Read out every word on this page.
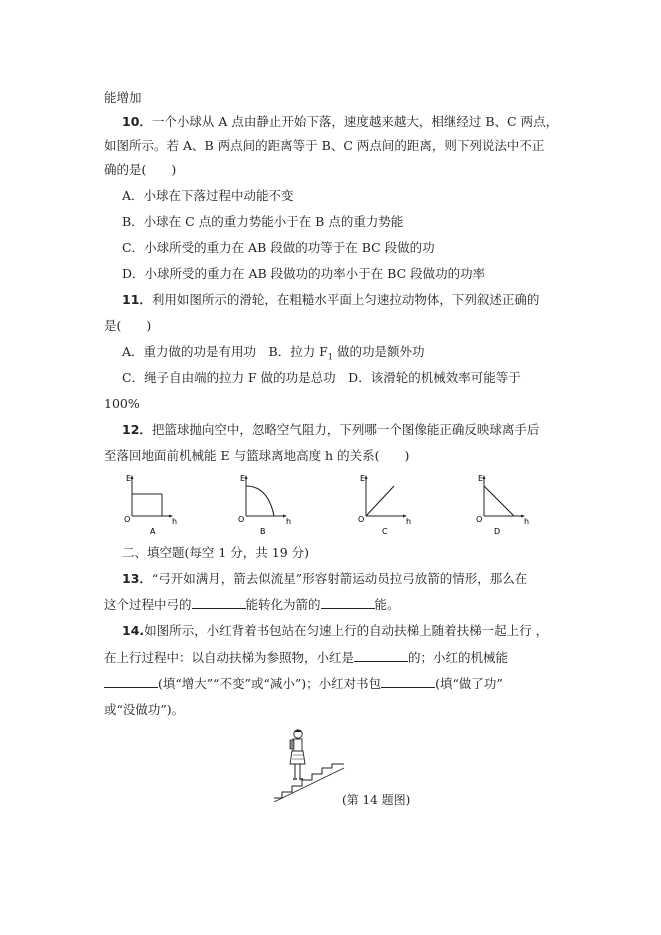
能增加
10．一个小球从 A 点由静止开始下落，速度越来越大，相继经过 B、C 两点，
如图所示。若 A、B 两点间的距离等于 B、C 两点间的距离，则下列说法中不正
确的是(　　)
A．小球在下落过程中动能不变
B．小球在 C 点的重力势能小于在 B 点的重力势能
C．小球所受的重力在 AB 段做的功等于在 BC 段做的功
D．小球所受的重力在 AB 段做功的功率小于在 BC 段做功的功率
11．利用如图所示的滑轮，在粗糙水平面上匀速拉动物体，下列叙述正确的
是(　　)
A．重力做的功是有用功　B．拉力 $F_1$ 做的功是额外功
C．绳子自由端的拉力 F 做的功是总功　D．该滑轮的机械效率可能等于
100%
12．把篮球抛向空中，忽略空气阻力，下列哪一个图像能正确反映球离手后
至落回地面前机械能 E 与篮球离地高度 h 的关系(　　)
E
h
O
A
E
h
O
B
E
h
O
C
E
h
O
D
二、填空题(每空 1 分，共 19 分)
13．“弓开如满月，箭去似流星”形容射箭运动员拉弓放箭的情形，那么在
这个过程中弓的	能转化为箭的	能。
14.如图所示，小红背着书包站在匀速上行的自动扶梯上随着扶梯一起上行 ，
在上行过程中：以自动扶梯为参照物，小红是	的；小红的机械能
(填“增大”“不变”或“减小”)；小红对书包	(填“做了功”
或“没做功”)。
(第 14 题图)
